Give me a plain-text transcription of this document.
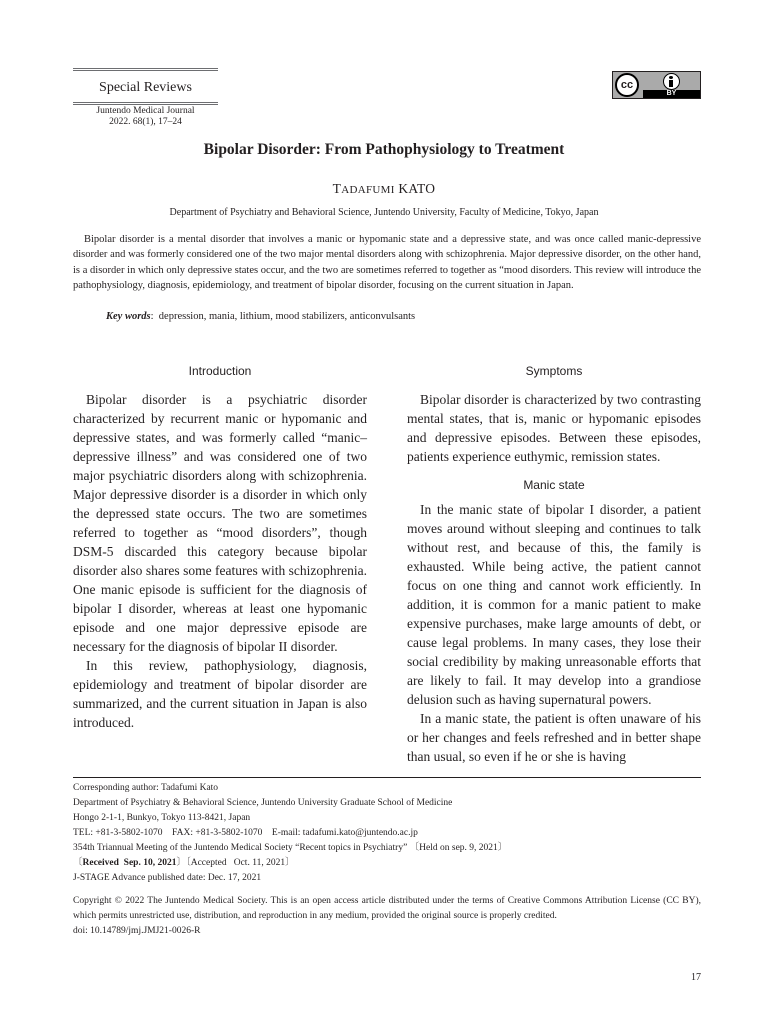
Special Reviews
Juntendo Medical Journal
2022. 68(1), 17–24
cc
BY
Bipolar Disorder: From Pathophysiology to Treatment
TADAFUMI KATO
Department of Psychiatry and Behavioral Science, Juntendo University, Faculty of Medicine, Tokyo, Japan
Bipolar disorder is a mental disorder that involves a manic or hypomanic state and a depressive state, and was once called manic-depressive disorder and was formerly considered one of the two major mental disorders along with schizophrenia. Major depressive disorder, on the other hand, is a disorder in which only depressive states occur, and the two are sometimes referred to together as “mood disorders. This review will introduce the pathophysiology, diagnosis, epidemiology, and treatment of bipolar disorder, focusing on the current situation in Japan.
Key words:  depression, mania, lithium, mood stabilizers, anticonvulsants
Introduction

Bipolar disorder is a psychiatric disorder characterized by recurrent manic or hypomanic and depressive states, and was formerly called “manic–depressive illness” and was considered one of two major psychiatric disorders along with schizophrenia. Major depressive disorder is a disorder in which only the depressed state occurs. The two are sometimes referred to together as “mood disorders”, though DSM-5 discarded this category because bipolar disorder also shares some features with schizophrenia. One manic episode is sufficient for the diagnosis of bipolar I disorder, whereas at least one hypomanic episode and one major depressive episode are necessary for the diagnosis of bipolar II disorder.

In this review, pathophysiology, diagnosis, epidemiology and treatment of bipolar disorder are summarized, and the current situation in Japan is also introduced.

Symptoms

Bipolar disorder is characterized by two contrasting mental states, that is, manic or hypomanic episodes and depressive episodes. Between these episodes, patients experience euthymic, remission states.

Manic state

In the manic state of bipolar I disorder, a patient moves around without sleeping and continues to talk without rest, and because of this, the family is exhausted. While being active, the patient cannot focus on one thing and cannot work efficiently. In addition, it is common for a manic patient to make expensive purchases, make large amounts of debt, or cause legal problems. In many cases, they lose their social credibility by making unreasonable efforts that are likely to fail. It may develop into a grandiose delusion such as having supernatural powers.

In a manic state, the patient is often unaware of his or her changes and feels refreshed and in better shape than usual, so even if he or she is having

Corresponding author: Tadafumi Kato
Department of Psychiatry & Behavioral Science, Juntendo University Graduate School of Medicine
Hongo 2-1-1, Bunkyo, Tokyo 113-8421, Japan
TEL: +81-3-5802-1070　FAX: +81-3-5802-1070　E-mail: tadafumi.kato@juntendo.ac.jp
354th Triannual Meeting of the Juntendo Medical Society “Recent topics in Psychiatry” 〔Held on sep. 9, 2021〕
〔Received Sep. 10, 2021〕〔Accepted Oct. 11, 2021〕
J-STAGE Advance published date: Dec. 17, 2021
Copyright © 2022 The Juntendo Medical Society. This is an open access article distributed under the terms of Creative Commons Attribution License (CC BY), which permits unrestricted use, distribution, and reproduction in any medium, provided the original source is properly credited.
doi: 10.14789/jmj.JMJ21-0026-R
17
